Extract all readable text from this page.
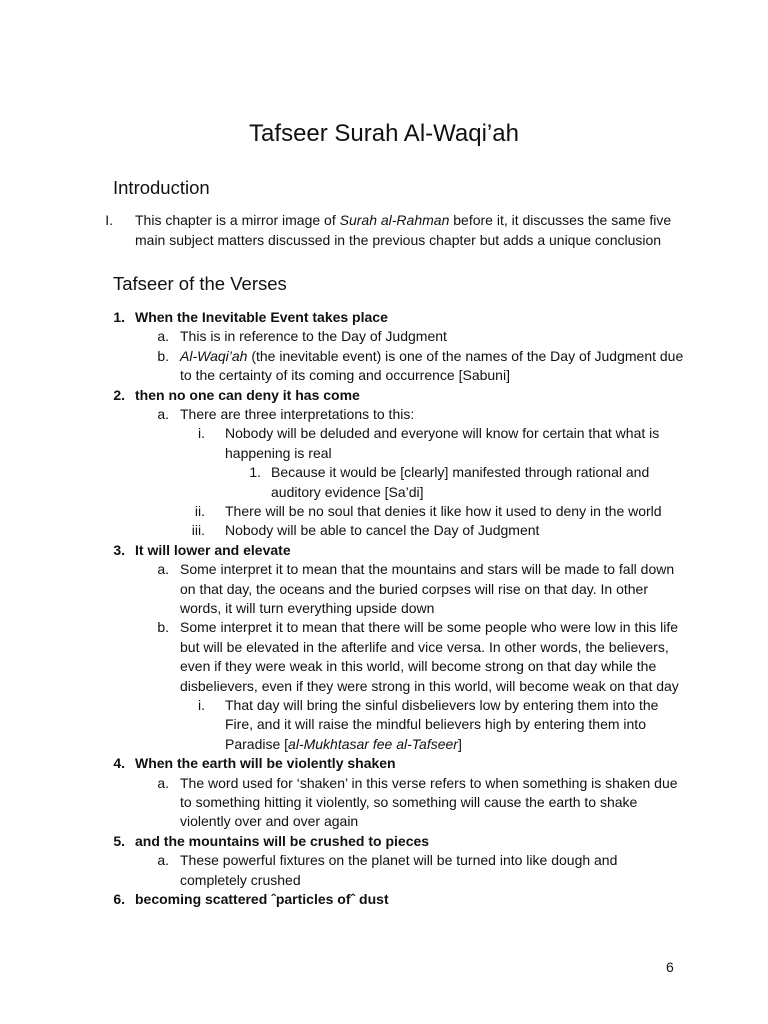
Tafseer Surah Al-Waqi’ah
Introduction
I. This chapter is a mirror image of Surah al-Rahman before it, it discusses the same five
main subject matters discussed in the previous chapter but adds a unique conclusion
Tafseer of the Verses
1. When the Inevitable Event takes place
a. This is in reference to the Day of Judgment
b. Al-Waqi’ah (the inevitable event) is one of the names of the Day of Judgment due
to the certainty of its coming and occurrence [Sabuni]
2. then no one can deny it has come
a. There are three interpretations to this:
i. Nobody will be deluded and everyone will know for certain that what is
happening is real
1. Because it would be [clearly] manifested through rational and
auditory evidence [Sa’di]
ii. There will be no soul that denies it like how it used to deny in the world
iii. Nobody will be able to cancel the Day of Judgment
3. It will lower and elevate
a. Some interpret it to mean that the mountains and stars will be made to fall down
on that day, the oceans and the buried corpses will rise on that day. In other
words, it will turn everything upside down
b. Some interpret it to mean that there will be some people who were low in this life
but will be elevated in the afterlife and vice versa. In other words, the believers,
even if they were weak in this world, will become strong on that day while the
disbelievers, even if they were strong in this world, will become weak on that day
i. That day will bring the sinful disbelievers low by entering them into the
Fire, and it will raise the mindful believers high by entering them into
Paradise [al-Mukhtasar fee al-Tafseer]
4. When the earth will be violently shaken
a. The word used for ‘shaken’ in this verse refers to when something is shaken due
to something hitting it violently, so something will cause the earth to shake
violently over and over again
5. and the mountains will be crushed to pieces
a. These powerful fixtures on the planet will be turned into like dough and
completely crushed
6. becoming scattered ˆparticles ofˆ dust
6
